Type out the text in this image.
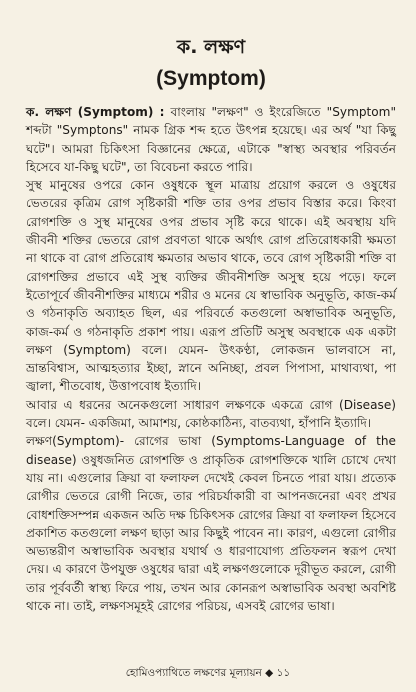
ক. লক্ষণ
(Symptom)

ক. লক্ষণ (Symptom) : বাংলায় "লক্ষণ" ও ইংরেজিতে "Symptom" শব্দটা "Symptons" নামক গ্রিক শব্দ হতে উৎপন্ন হয়েছে। এর অর্থ "যা কিছু ঘটে"। আমরা চিকিৎসা বিজ্ঞানের ক্ষেত্রে, এটাকে "স্বাস্থ্য অবস্থার পরিবর্তন হিসেবে যা-কিছু ঘটে", তা বিবেচনা করতে পারি।

সুস্থ মানুষের ওপরে কোন ওষুধকে স্থূল মাত্রায় প্রয়োগ করলে ও ওষুধের ভেতরের কৃত্রিম রোগ সৃষ্টিকারী শক্তি তার ওপর প্রভাব বিস্তার করে। কিংবা রোগশক্তি ও সুস্থ মানুষের ওপর প্রভাব সৃষ্টি করে থাকে। এই অবস্থায় যদি জীবনী শক্তির ভেতরে রোগ প্রবণতা থাকে অর্থাৎ রোগ প্রতিরোধকারী ক্ষমতা না থাকে বা রোগ প্রতিরোধ ক্ষমতার অভাব থাকে, তবে রোগ সৃষ্টিকারী শক্তি বা রোগশক্তির প্রভাবে এই সুস্থ ব্যক্তির জীবনীশক্তি অসুস্থ হয়ে পড়ে। ফলে ইতোপূর্বে জীবনীশক্তির মাধ্যমে শরীর ও মনের যে স্বাভাবিক অনুভূতি, কাজ-কর্ম ও গঠনাকৃতি অব্যাহত ছিল, এর পরিবর্তে কতগুলো অস্বাভাবিক অনুভূতি, কাজ-কর্ম ও গঠনাকৃতি প্রকাশ পায়। এরূপ প্রতিটি অসুস্থ অবস্থাকে এক একটা লক্ষণ (Symptom) বলে। যেমন- উৎকণ্ঠা, লোকজন ভালবাসে না, ভ্রান্তবিশ্বাস, আত্মহত্যার ইচ্ছা, স্নানে অনিচ্ছা, প্রবল পিপাসা, মাথাব্যথা, পা জ্বালা, শীতবোধ, উত্তাপবোধ ইত্যাদি।

আবার এ ধরনের অনেকগুলো সাধারণ লক্ষণকে একত্রে রোগ (Disease) বলে। যেমন- একজিমা, আমাশয়, কোষ্ঠকাঠিন্য, বাতব্যথা, হাঁপানি ইত্যাদি।

লক্ষণ(Symptom)- রোগের ভাষা (Symptoms-Language of the disease) ওষুধজনিত রোগশক্তি ও প্রাকৃতিক রোগশক্তিকে খালি চোখে দেখা যায় না। এগুলোর ক্রিয়া বা ফলাফল দেখেই কেবল চিনতে পারা যায়। প্রত্যেক রোগীর ভেতরে রোগী নিজে, তার পরিচর্যাকারী বা আপনজনেরা এবং প্রখর বোধশক্তিসম্পন্ন একজন অতি দক্ষ চিকিৎসক রোগের ক্রিয়া বা ফলাফল হিসেবে প্রকাশিত কতগুলো লক্ষণ ছাড়া আর কিছুই পাবেন না। কারণ, এগুলো রোগীর অভ্যন্তরীণ অস্বাভাবিক অবস্থার যথার্থ ও ধারণাযোগ্য প্রতিফলন স্বরূপ দেখা দেয়। এ কারণে উপযুক্ত ওষুধের দ্বারা এই লক্ষণগুলোকে দূরীভূত করলে, রোগী তার পূর্ববর্তী স্বাস্থ্য ফিরে পায়, তখন আর কোনরূপ অস্বাভাবিক অবস্থা অবশিষ্ট থাকে না। তাই, লক্ষণসমূহই রোগের পরিচয়, এসবই রোগের ভাষা।

হোমিওপ্যাথিতে লক্ষণের মূল্যায়ন ◆ ১১
